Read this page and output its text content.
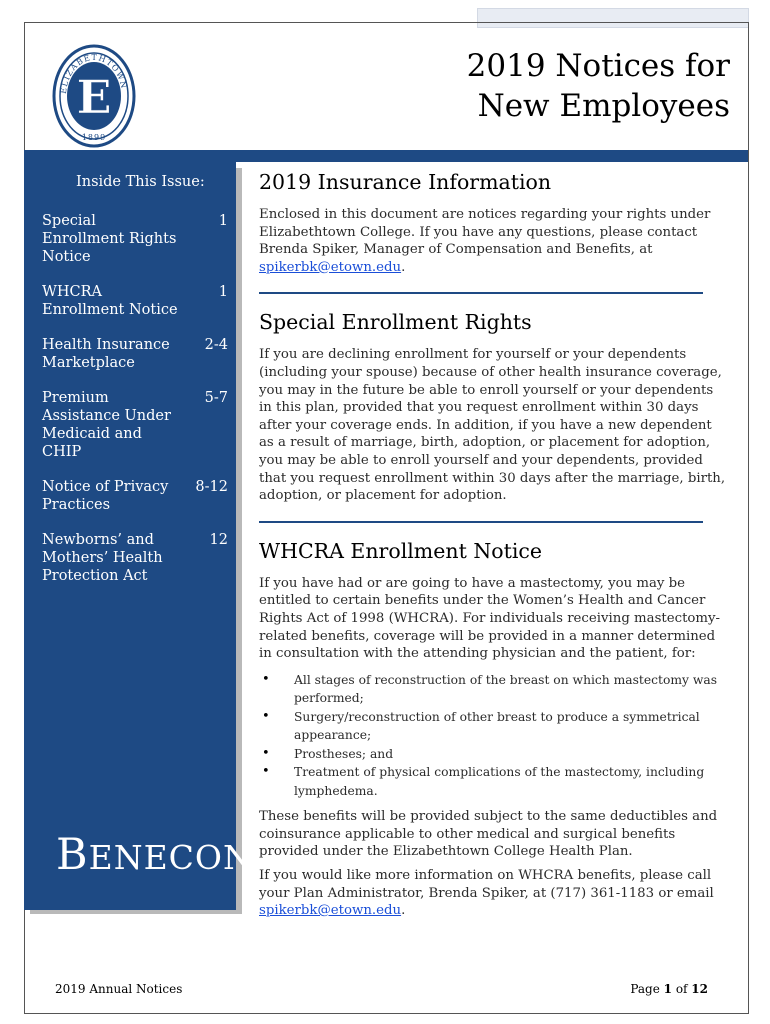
ELIZABETHTOWN
E
1899
2019 Notices for
New Employees
Inside This Issue:
Special Enrollment Rights Notice
1
WHCRA Enrollment Notice
1
Health Insurance Marketplace
2-4
Premium Assistance Under Medicaid and CHIP
5-7
Notice of Privacy Practices
8-12
Newborns’ and Mothers’ Health Protection Act
12
BENECON
2019 Insurance Information

Enclosed in this document are notices regarding your rights under Elizabethtown College. If you have any questions, please contact Brenda Spiker, Manager of Compensation and Benefits, at spikerbk@etown.edu.

Special Enrollment Rights

If you are declining enrollment for yourself or your dependents (including your spouse) because of other health insurance coverage, you may in the future be able to enroll yourself or your dependents in this plan, provided that you request enrollment within 30 days after your coverage ends. In addition, if you have a new dependent as a result of marriage, birth, adoption, or placement for adoption, you may be able to enroll yourself and your dependents, provided that you request enrollment within 30 days after the marriage, birth, adoption, or placement for adoption.

WHCRA Enrollment Notice

If you have had or are going to have a mastectomy, you may be entitled to certain benefits under the Women’s Health and Cancer Rights Act of 1998 (WHCRA). For individuals receiving mastectomy-related benefits, coverage will be provided in a manner determined in consultation with the attending physician and the patient, for:

• All stages of reconstruction of the breast on which mastectomy was performed;
• Surgery/reconstruction of other breast to produce a symmetrical appearance;
• Prostheses; and
• Treatment of physical complications of the mastectomy, including lymphedema.

These benefits will be provided subject to the same deductibles and coinsurance applicable to other medical and surgical benefits provided under the Elizabethtown College Health Plan.

If you would like more information on WHCRA benefits, please call your Plan Administrator, Brenda Spiker, at (717) 361-1183 or email spikerbk@etown.edu.

2019 Annual Notices	Page 1 of 12
